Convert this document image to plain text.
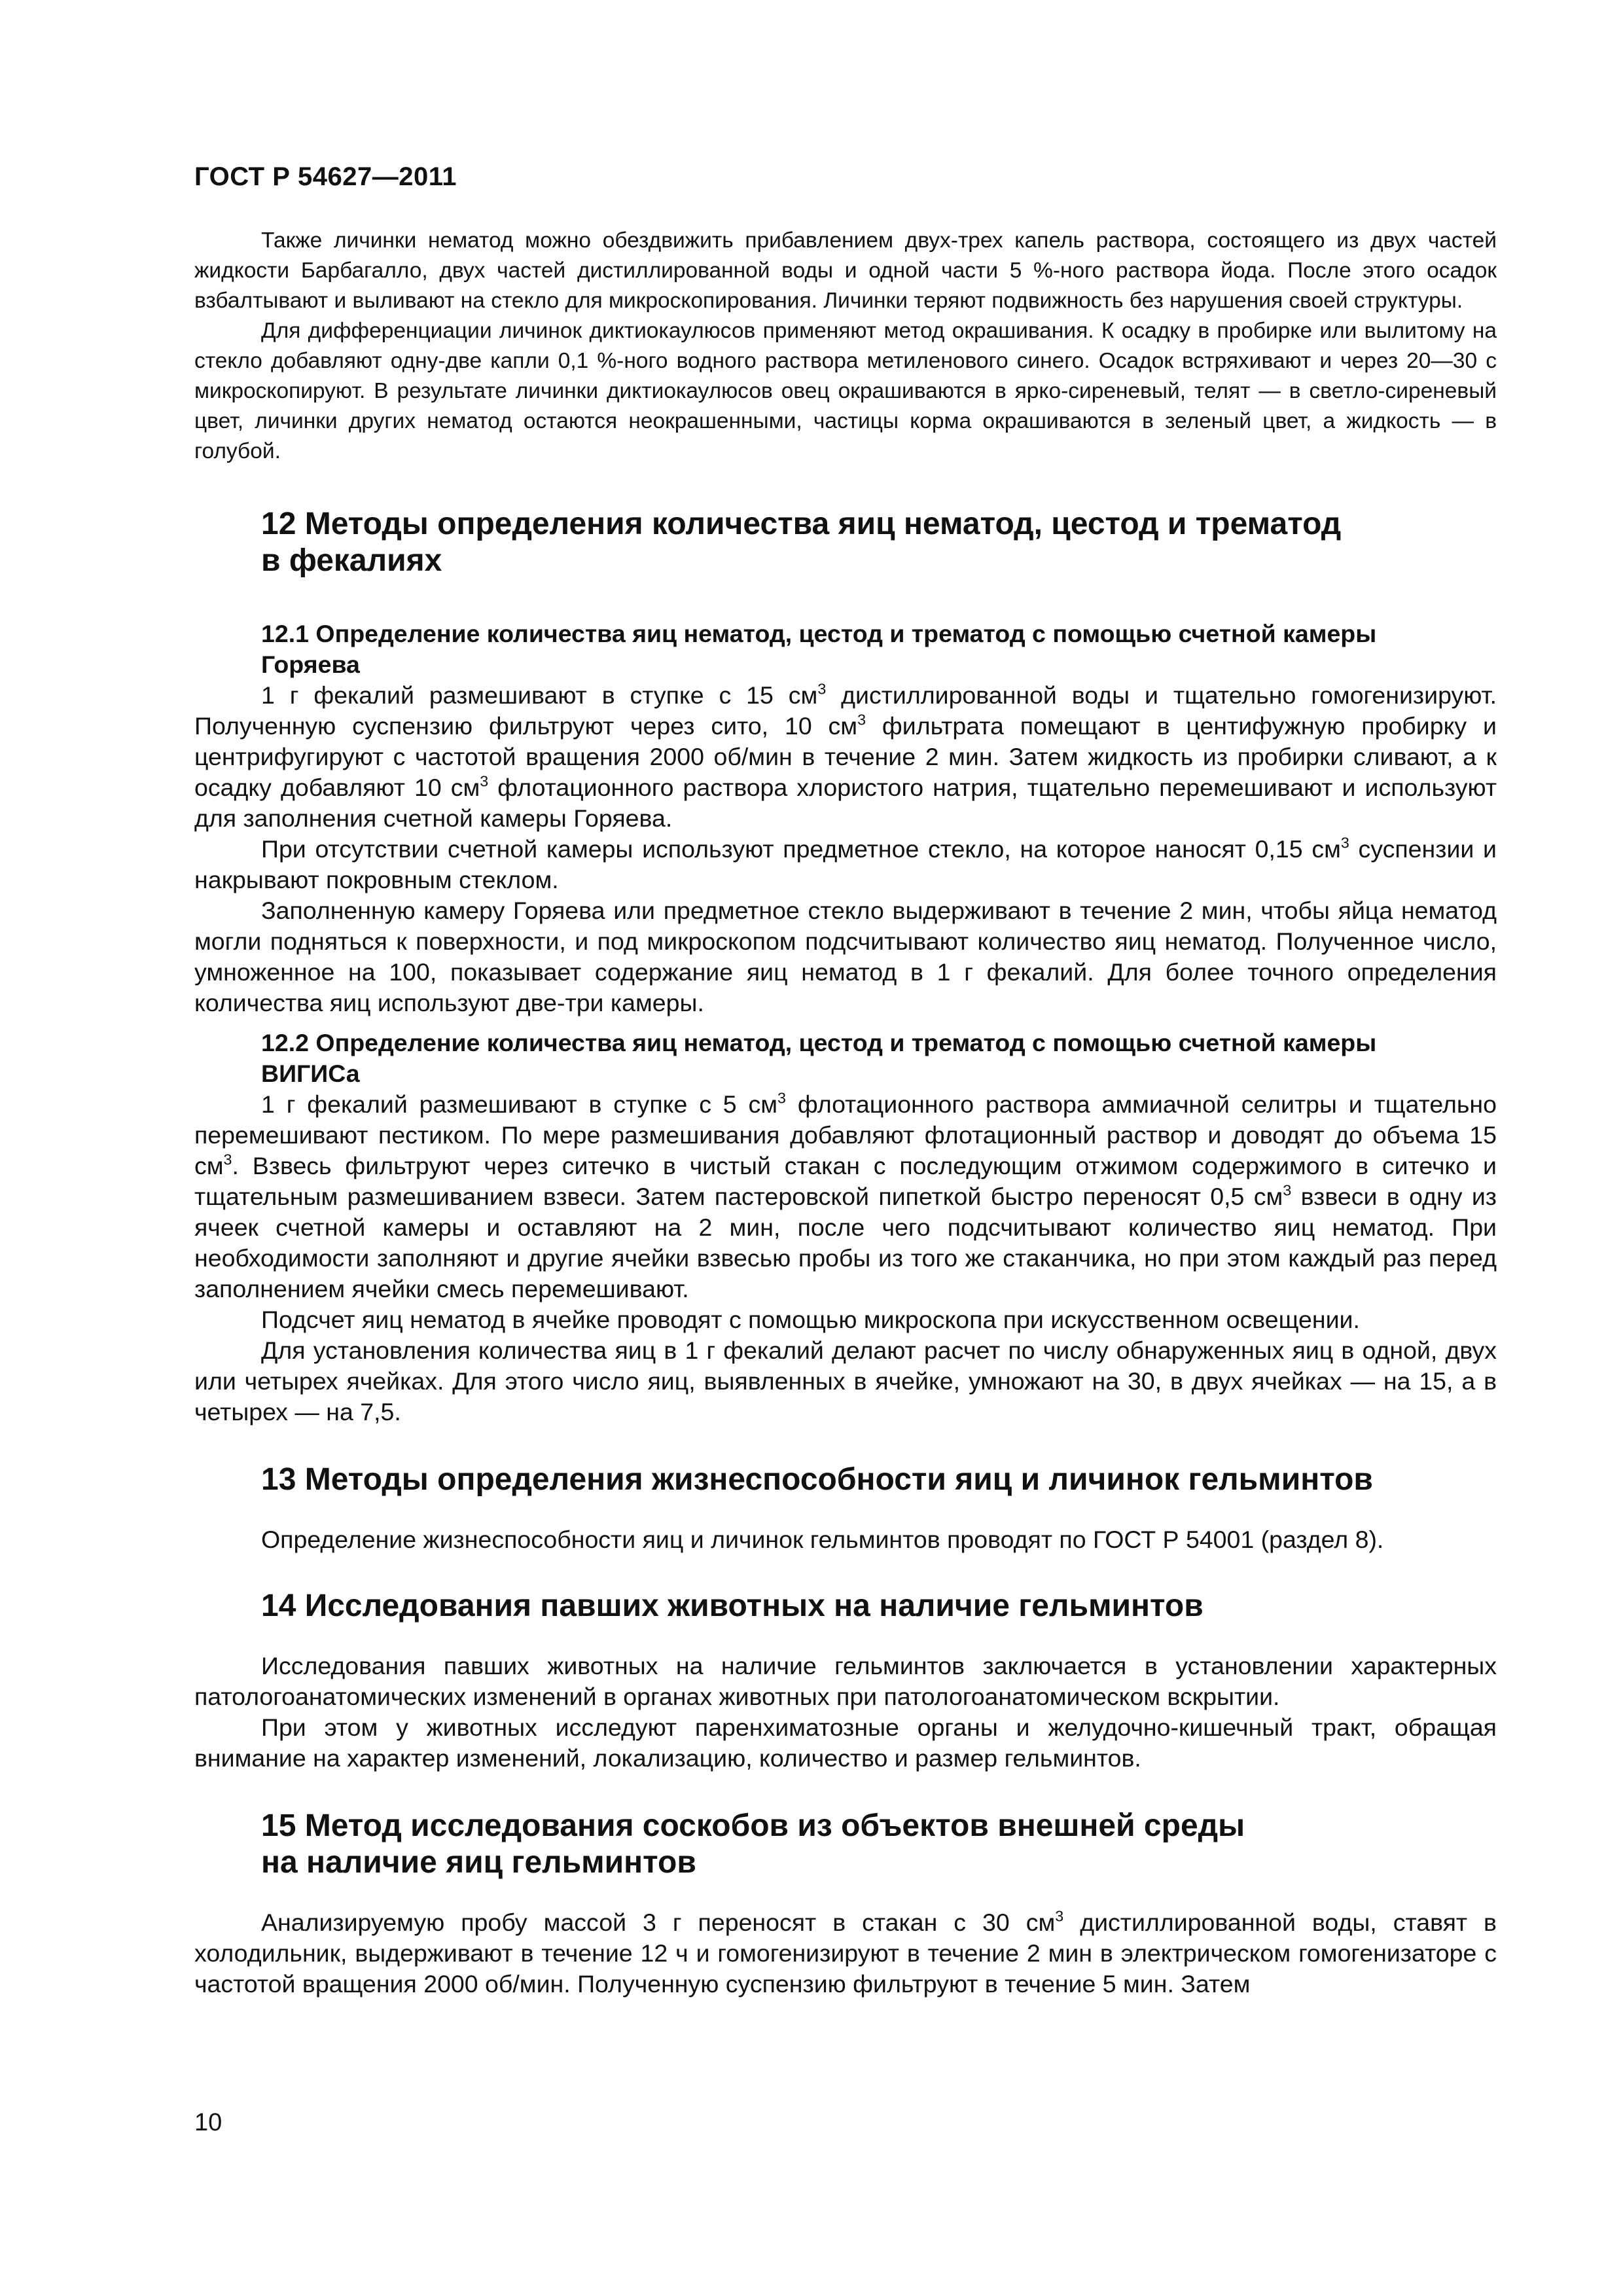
ГОСТ Р 54627—2011

Также личинки нематод можно обездвижить прибавлением двух-трех капель раствора, состоящего из двух частей жидкости Барбагалло, двух частей дистиллированной воды и одной части 5 %-ного раствора йода. После этого осадок взбалтывают и выливают на стекло для микроскопирования. Личинки теряют подвижность без нарушения своей структуры.

Для дифференциации личинок диктиокаулюсов применяют метод окрашивания. К осадку в пробирке или вылитому на стекло добавляют одну-две капли 0,1 %-ного водного раствора метиленового синего. Осадок встряхивают и через 20—30 с микроскопируют. В результате личинки диктиокаулюсов овец окрашиваются в ярко-сиреневый, телят — в светло-сиреневый цвет, личинки других нематод остаются неокрашенными, частицы корма окрашиваются в зеленый цвет, а жидкость — в голубой.

12 Методы определения количества яиц нематод, цестод и трематод
в фекалиях
12.1 Определение количества яиц нематод, цестод и трематод с помощью счетной камеры
Горяева

1 г фекалий размешивают в ступке с 15 $см^3$ дистиллированной воды и тщательно гомогенизируют. Полученную суспензию фильтруют через сито, 10 $см^3$ фильтрата помещают в центифужную пробирку и центрифугируют с частотой вращения 2000 об/мин в течение 2 мин. Затем жидкость из пробирки сливают, а к осадку добавляют 10 $см^3$ флотационного раствора хлористого натрия, тщательно перемешивают и используют для заполнения счетной камеры Горяева.

При отсутствии счетной камеры используют предметное стекло, на которое наносят 0,15 $см^3$ суспензии и накрывают покровным стеклом.

Заполненную камеру Горяева или предметное стекло выдерживают в течение 2 мин, чтобы яйца нематод могли подняться к поверхности, и под микроскопом подсчитывают количество яиц нематод. Полученное число, умноженное на 100, показывает содержание яиц нематод в 1 г фекалий. Для более точного определения количества яиц используют две-три камеры.

12.2 Определение количества яиц нематод, цестод и трематод с помощью счетной камеры
ВИГИСа

1 г фекалий размешивают в ступке с 5 $см^3$ флотационного раствора аммиачной селитры и тщательно перемешивают пестиком. По мере размешивания добавляют флотационный раствор и доводят до объема 15 $см^3$. Взвесь фильтруют через ситечко в чистый стакан с последующим отжимом содержимого в ситечко и тщательным размешиванием взвеси. Затем пастеровской пипеткой быстро переносят 0,5 $см^3$ взвеси в одну из ячеек счетной камеры и оставляют на 2 мин, после чего подсчитывают количество яиц нематод. При необходимости заполняют и другие ячейки взвесью пробы из того же стаканчика, но при этом каждый раз перед заполнением ячейки смесь перемешивают.

Подсчет яиц нематод в ячейке проводят с помощью микроскопа при искусственном освещении.

Для установления количества яиц в 1 г фекалий делают расчет по числу обнаруженных яиц в одной, двух или четырех ячейках. Для этого число яиц, выявленных в ячейке, умножают на 30, в двух ячейках — на 15, а в четырех — на 7,5.

13 Методы определения жизнеспособности яиц и личинок гельминтов

Определение жизнеспособности яиц и личинок гельминтов проводят по ГОСТ Р 54001 (раздел 8).

14 Исследования павших животных на наличие гельминтов

Исследования павших животных на наличие гельминтов заключается в установлении характерных патологоанатомических изменений в органах животных при патологоанатомическом вскрытии.

При этом у животных исследуют паренхиматозные органы и желудочно-кишечный тракт, обращая внимание на характер изменений, локализацию, количество и размер гельминтов.

15 Метод исследования соскобов из объектов внешней среды
на наличие яиц гельминтов

Анализируемую пробу массой 3 г переносят в стакан с 30 $см^3$ дистиллированной воды, ставят в холодильник, выдерживают в течение 12 ч и гомогенизируют в течение 2 мин в электрическом гомогенизаторе с частотой вращения 2000 об/мин. Полученную суспензию фильтруют в течение 5 мин. Затем

10
